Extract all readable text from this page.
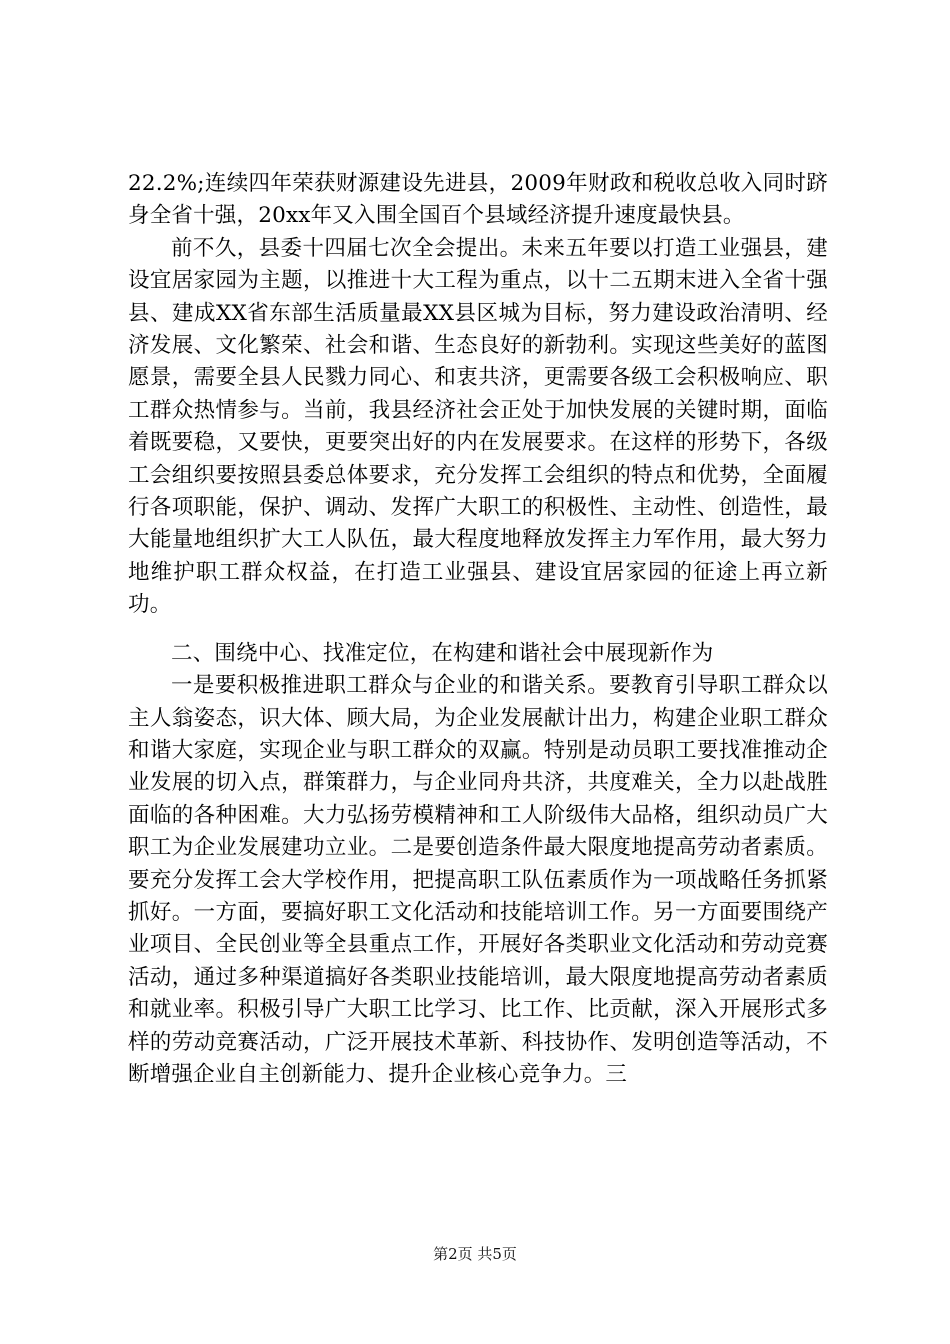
22.2%;连续四年荣获财源建设先进县，2009年财政和税收总收入同时跻身全省十强，20xx年又入围全国百个县域经济提升速度最快县。

前不久，县委十四届七次全会提出。未来五年要以打造工业强县，建设宜居家园为主题，以推进十大工程为重点，以十二五期末进入全省十强县、建成XX省东部生活质量最XX县区城为目标，努力建设政治清明、经济发展、文化繁荣、社会和谐、生态良好的新勃利。实现这些美好的蓝图愿景，需要全县人民戮力同心、和衷共济，更需要各级工会积极响应、职工群众热情参与。当前，我县经济社会正处于加快发展的关键时期，面临着既要稳，又要快，更要突出好的内在发展要求。在这样的形势下，各级工会组织要按照县委总体要求，充分发挥工会组织的特点和优势，全面履行各项职能，保护、调动、发挥广大职工的积极性、主动性、创造性，最大能量地组织扩大工人队伍，最大程度地释放发挥主力军作用，最大努力地维护职工群众权益，在打造工业强县、建设宜居家园的征途上再立新功。

二、围绕中心、找准定位，在构建和谐社会中展现新作为

一是要积极推进职工群众与企业的和谐关系。要教育引导职工群众以主人翁姿态，识大体、顾大局，为企业发展献计出力，构建企业职工群众和谐大家庭，实现企业与职工群众的双赢。特别是动员职工要找准推动企业发展的切入点，群策群力，与企业同舟共济，共度难关，全力以赴战胜面临的各种困难。大力弘扬劳模精神和工人阶级伟大品格，组织动员广大职工为企业发展建功立业。二是要创造条件最大限度地提高劳动者素质。要充分发挥工会大学校作用，把提高职工队伍素质作为一项战略任务抓紧抓好。一方面，要搞好职工文化活动和技能培训工作。另一方面要围绕产业项目、全民创业等全县重点工作，开展好各类职业文化活动和劳动竞赛活动，通过多种渠道搞好各类职业技能培训，最大限度地提高劳动者素质和就业率。积极引导广大职工比学习、比工作、比贡献，深入开展形式多样的劳动竞赛活动，广泛开展技术革新、科技协作、发明创造等活动，不断增强企业自主创新能力、提升企业核心竞争力。三

第2页 共5页
